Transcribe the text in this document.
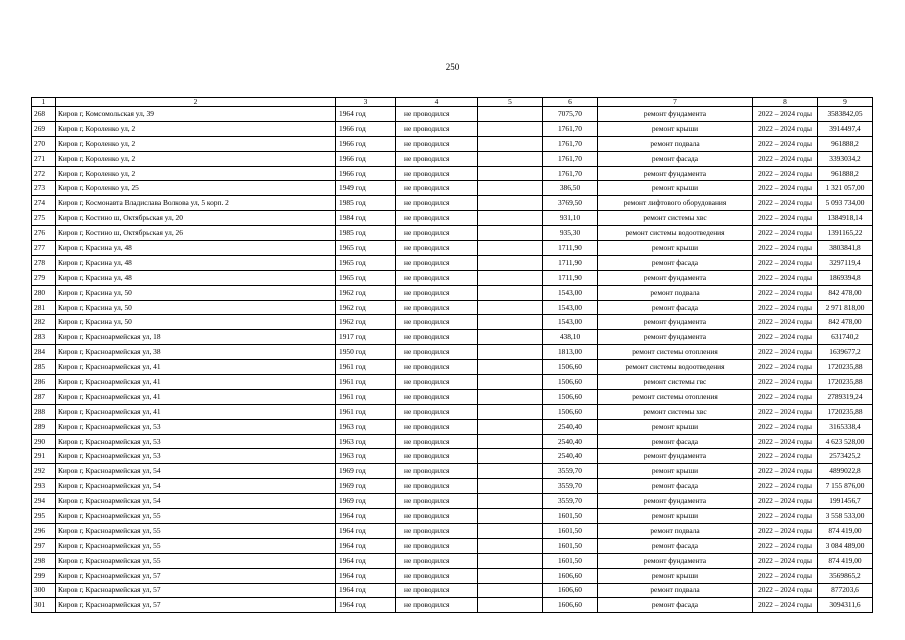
250
1	2	3	4	5	6	7	8	9
268	Киров г, Комсомольская ул, 39	1964 год	не проводился		7075,70	ремонт фундамента	2022 – 2024 годы	3583842,05
269	Киров г, Короленко ул, 2	1966 год	не проводился		1761,70	ремонт крыши	2022 – 2024 годы	3914497,4
270	Киров г, Короленко ул, 2	1966 год	не проводился		1761,70	ремонт подвала	2022 – 2024 годы	961888,2
271	Киров г, Короленко ул, 2	1966 год	не проводился		1761,70	ремонт фасада	2022 – 2024 годы	3393034,2
272	Киров г, Короленко ул, 2	1966 год	не проводился		1761,70	ремонт фундамента	2022 – 2024 годы	961888,2
273	Киров г, Короленко ул, 25	1949 год	не проводился		386,50	ремонт крыши	2022 – 2024 годы	1 321 057,00
274	Киров г, Космонавта Владислава Волкова ул, 5 корп. 2	1985 год	не проводился		3769,50	ремонт лифтового оборудования	2022 – 2024 годы	5 093 734,00
275	Киров г, Костино ш, Октябрьская ул, 20	1984 год	не проводился		931,10	ремонт системы хвс	2022 – 2024 годы	1384918,14
276	Киров г, Костино ш, Октябрьская ул, 26	1985 год	не проводился		935,30	ремонт системы водоотведения	2022 – 2024 годы	1391165,22
277	Киров г, Красина ул, 48	1965 год	не проводился		1711,90	ремонт крыши	2022 – 2024 годы	3803841,8
278	Киров г, Красина ул, 48	1965 год	не проводился		1711,90	ремонт фасада	2022 – 2024 годы	3297119,4
279	Киров г, Красина ул, 48	1965 год	не проводился		1711,90	ремонт фундамента	2022 – 2024 годы	1869394,8
280	Киров г, Красина ул, 50	1962 год	не проводился		1543,00	ремонт подвала	2022 – 2024 годы	842 478,00
281	Киров г, Красина ул, 50	1962 год	не проводился		1543,00	ремонт фасада	2022 – 2024 годы	2 971 818,00
282	Киров г, Красина ул, 50	1962 год	не проводился		1543,00	ремонт фундамента	2022 – 2024 годы	842 478,00
283	Киров г, Красноармейская ул, 18	1917 год	не проводился		438,10	ремонт фундамента	2022 – 2024 годы	631740,2
284	Киров г, Красноармейская ул, 38	1950 год	не проводился		1813,00	ремонт системы отопления	2022 – 2024 годы	1639677,2
285	Киров г, Красноармейская ул, 41	1961 год	не проводился		1506,60	ремонт системы водоотведения	2022 – 2024 годы	1720235,88
286	Киров г, Красноармейская ул, 41	1961 год	не проводился		1506,60	ремонт системы гвс	2022 – 2024 годы	1720235,88
287	Киров г, Красноармейская ул, 41	1961 год	не проводился		1506,60	ремонт системы отопления	2022 – 2024 годы	2789319,24
288	Киров г, Красноармейская ул, 41	1961 год	не проводился		1506,60	ремонт системы хвс	2022 – 2024 годы	1720235,88
289	Киров г, Красноармейская ул, 53	1963 год	не проводился		2540,40	ремонт крыши	2022 – 2024 годы	3165338,4
290	Киров г, Красноармейская ул, 53	1963 год	не проводился		2540,40	ремонт фасада	2022 – 2024 годы	4 623 528,00
291	Киров г, Красноармейская ул, 53	1963 год	не проводился		2540,40	ремонт фундамента	2022 – 2024 годы	2573425,2
292	Киров г, Красноармейская ул, 54	1969 год	не проводился		3559,70	ремонт крыши	2022 – 2024 годы	4899022,8
293	Киров г, Красноармейская ул, 54	1969 год	не проводился		3559,70	ремонт фасада	2022 – 2024 годы	7 155 876,00
294	Киров г, Красноармейская ул, 54	1969 год	не проводился		3559,70	ремонт фундамента	2022 – 2024 годы	1991456,7
295	Киров г, Красноармейская ул, 55	1964 год	не проводился		1601,50	ремонт крыши	2022 – 2024 годы	3 558 533,00
296	Киров г, Красноармейская ул, 55	1964 год	не проводился		1601,50	ремонт подвала	2022 – 2024 годы	874 419,00
297	Киров г, Красноармейская ул, 55	1964 год	не проводился		1601,50	ремонт фасада	2022 – 2024 годы	3 084 489,00
298	Киров г, Красноармейская ул, 55	1964 год	не проводился		1601,50	ремонт фундамента	2022 – 2024 годы	874 419,00
299	Киров г, Красноармейская ул, 57	1964 год	не проводился		1606,60	ремонт крыши	2022 – 2024 годы	3569865,2
300	Киров г, Красноармейская ул, 57	1964 год	не проводился		1606,60	ремонт подвала	2022 – 2024 годы	877203,6
301	Киров г, Красноармейская ул, 57	1964 год	не проводился		1606,60	ремонт фасада	2022 – 2024 годы	3094311,6
